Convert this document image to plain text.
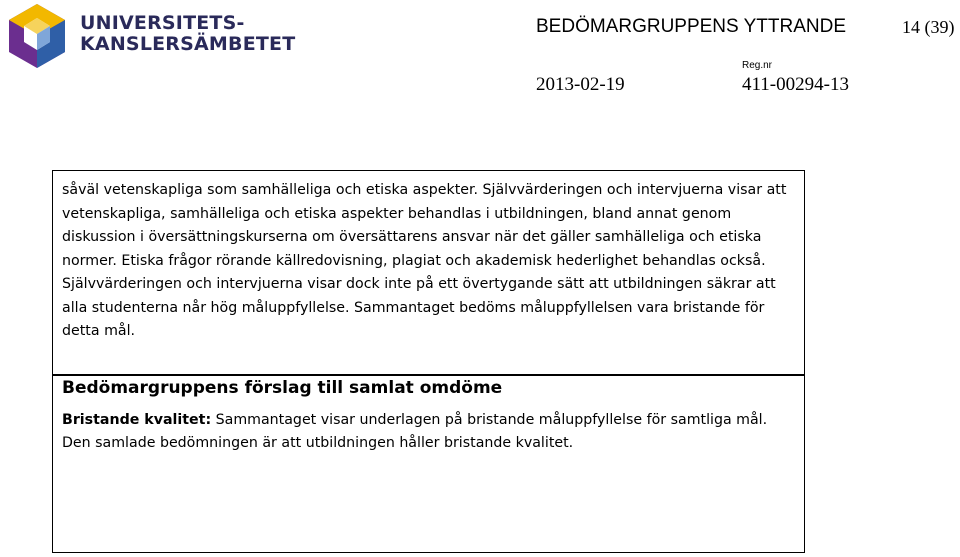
UNIVERSITETS-
KANSLERSÄMBETET
BEDÖMARGRUPPENS YTTRANDE	14 (39)
2013-02-19
Reg.nr
411-00294-13

såväl vetenskapliga som samhälleliga och etiska aspekter. Självvärderingen och intervjuerna visar att vetenskapliga, samhälleliga och etiska aspekter behandlas i utbildningen, bland annat genom diskussion i översättningskurserna om översättarens ansvar när det gäller samhälleliga och etiska normer. Etiska frågor rörande källredovisning, plagiat och akademisk hederlighet behandlas också. Självvärderingen och intervjuerna visar dock inte på ett övertygande sätt att utbildningen säkrar att alla studenterna når hög måluppfyllelse. Sammantaget bedöms måluppfyllelsen vara bristande för detta mål.

Bedömargruppens förslag till samlat omdöme

Bristande kvalitet: Sammantaget visar underlagen på bristande måluppfyllelse för samtliga mål. Den samlade bedömningen är att utbildningen håller bristande kvalitet.
